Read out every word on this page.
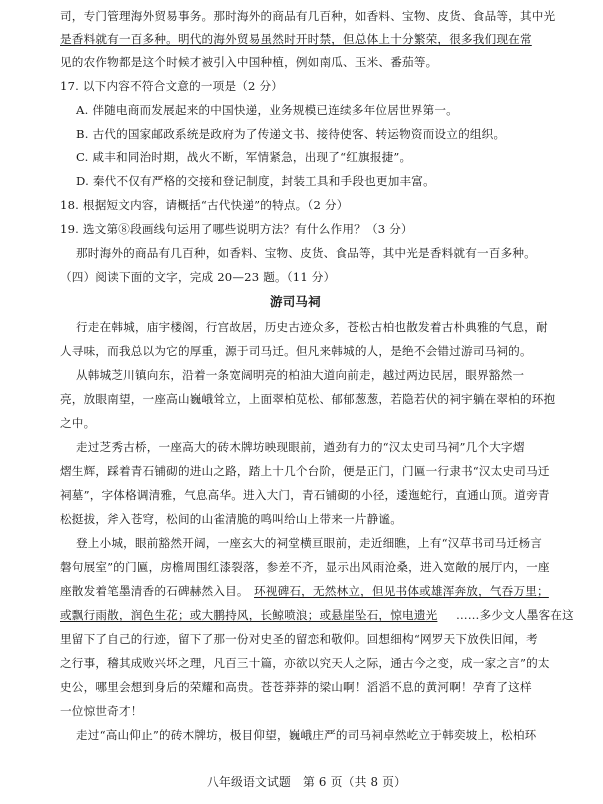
司，专门管理海外贸易事务。那时海外的商品有几百种，如香料、宝物、皮货、食品等，其中光
是香料就有一百多种。明代的海外贸易虽然时开时禁，但总体上十分繁荣，很多我们现在常
见的农作物都是这个时候才被引入中国种植，例如南瓜、玉米、番茄等。
17. 以下内容不符合文意的一项是（2 分）
A. 伴随电商而发展起来的中国快递，业务规模已连续多年位居世界第一。
B. 古代的国家邮政系统是政府为了传递文书、接待使客、转运物资而设立的组织。
C. 咸丰和同治时期，战火不断，军情紧急，出现了“红旗报捷”。
D. 秦代不仅有严格的交接和登记制度，封装工具和手段也更加丰富。
18. 根据短文内容，请概括“古代快递”的特点。（2 分）
19. 选文第⑧段画线句运用了哪些说明方法？有什么作用？（3 分）
那时海外的商品有几百种，如香料、宝物、皮货、食品等，其中光是香料就有一百多种。
（四）阅读下面的文字，完成 20—23 题。（11 分）
游司马祠
行走在韩城，庙宇楼阁，行宫故居，历史古迹众多，苍松古柏也散发着古朴典雅的气息，耐
人寻味，而我总以为它的厚重，源于司马迁。但凡来韩城的人，是绝不会错过游司马祠的。
从韩城芝川镇向东，沿着一条宽阔明亮的柏油大道向前走，越过两边民居，眼界豁然一
亮，放眼南望，一座高山巍峨耸立，上面翠柏苋松、郁郁葱葱，若隐若伏的祠宇躺在翠柏的环抱
之中。
走过芝秀古桥，一座高大的砖木牌坊映现眼前，遒劲有力的“汉太史司马祠”几个大字熠
熠生辉，踩着青石铺砌的进山之路，踏上十几个台阶，便是正门，门匾一行隶书“汉太史司马迁
祠墓”，字体格调清雅，气息高华。进入大门，青石铺砌的小径，逶迤蛇行，直通山顶。道旁青
松挺拔，斧入苍穹，松间的山雀清脆的鸣叫给山上带来一片静谧。
登上小城，眼前豁然开阔，一座玄大的祠堂横亘眼前，走近细瞧，上有“汉草书司马迁杨言
磐句展室”的门匾，房檐周围红漆裂落，参差不齐，显示出风雨沧桑，进入宽敞的展厅内，一座
座散发着笔墨清香的石碑赫然入目。 环视碑石，无然林立，但见书体或雄浑奔放，气吞万里；
或飘行雨散，润色生花；或大鹏持风，长鲸喷浪；或悬崖坠石，惊电遗光 ……多少文人墨客在这
里留下了自己的行迹，留下了那一份对史圣的留恋和敬仰。回想细构“网罗天下放佚旧闻，考
之行事，稽其成败兴坏之理，凡百三十篇，亦欲以究天人之际，通古今之变，成一家之言”的太
史公，哪里会想到身后的荣耀和高贵。苍苍莽莽的梁山啊！滔滔不息的黄河啊！孕育了这样
一位惊世奇才！
走过“高山仰止”的砖木牌坊，极目仰望，巍峨庄严的司马祠卓然屹立于韩奕坡上，松柏环
八年级语文试题　第 6 页（共 8 页）
